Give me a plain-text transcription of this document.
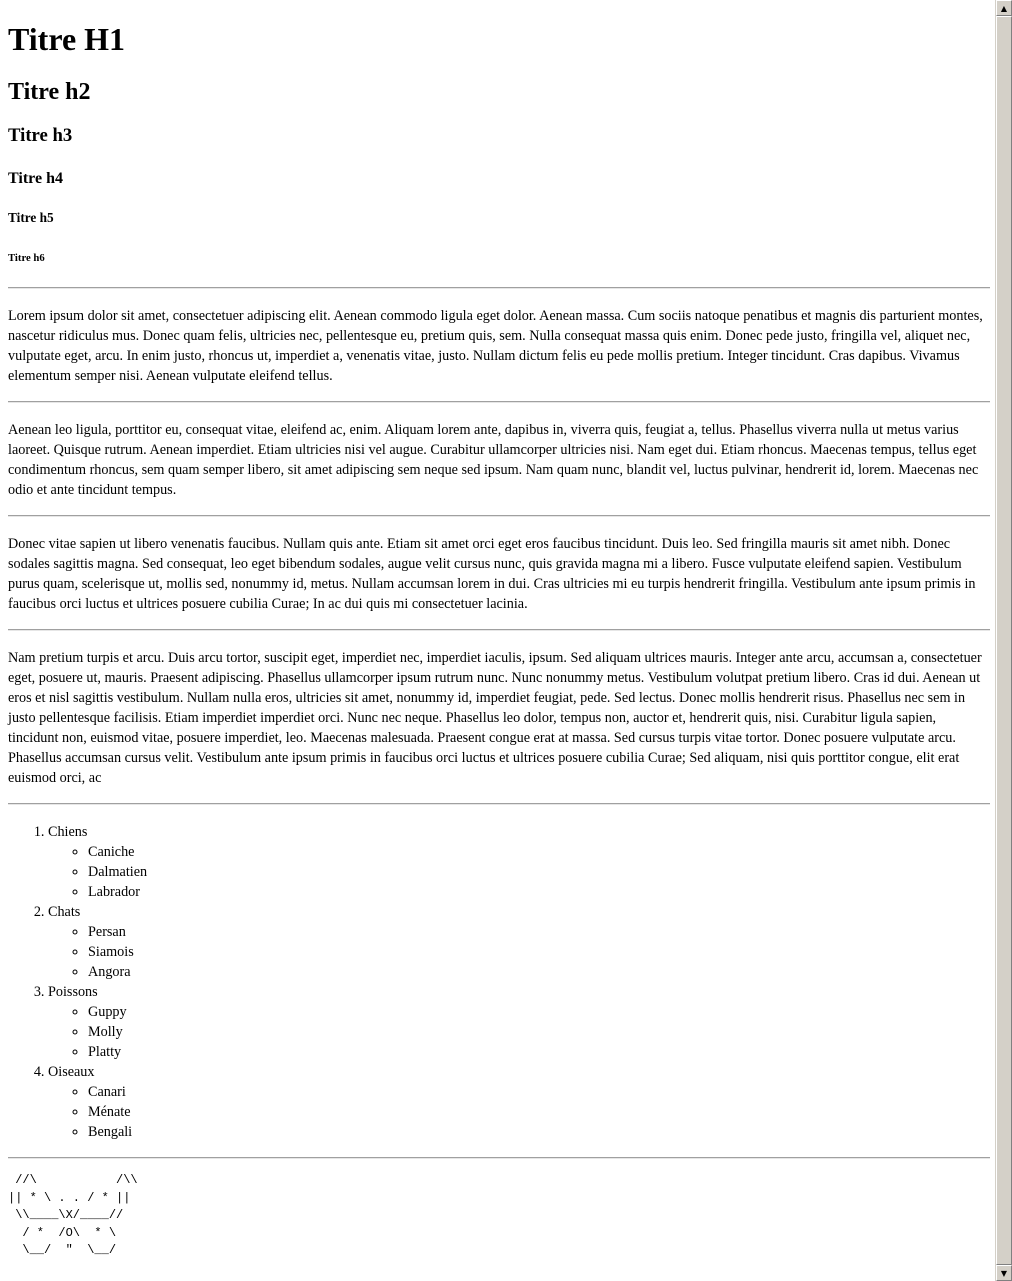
Titre H1
Titre h2
Titre h3
Titre h4
Titre h5
Titre h6

Lorem ipsum dolor sit amet, consectetuer adipiscing elit. Aenean commodo ligula eget dolor. Aenean massa. Cum sociis natoque penatibus et magnis dis parturient montes, nascetur ridiculus mus. Donec quam felis, ultricies nec, pellentesque eu, pretium quis, sem. Nulla consequat massa quis enim. Donec pede justo, fringilla vel, aliquet nec, vulputate eget, arcu. In enim justo, rhoncus ut, imperdiet a, venenatis vitae, justo. Nullam dictum felis eu pede mollis pretium. Integer tincidunt. Cras dapibus. Vivamus elementum semper nisi. Aenean vulputate eleifend tellus.

Aenean leo ligula, porttitor eu, consequat vitae, eleifend ac, enim. Aliquam lorem ante, dapibus in, viverra quis, feugiat a, tellus. Phasellus viverra nulla ut metus varius laoreet. Quisque rutrum. Aenean imperdiet. Etiam ultricies nisi vel augue. Curabitur ullamcorper ultricies nisi. Nam eget dui. Etiam rhoncus. Maecenas tempus, tellus eget condimentum rhoncus, sem quam semper libero, sit amet adipiscing sem neque sed ipsum. Nam quam nunc, blandit vel, luctus pulvinar, hendrerit id, lorem. Maecenas nec odio et ante tincidunt tempus.

Donec vitae sapien ut libero venenatis faucibus. Nullam quis ante. Etiam sit amet orci eget eros faucibus tincidunt. Duis leo. Sed fringilla mauris sit amet nibh. Donec sodales sagittis magna. Sed consequat, leo eget bibendum sodales, augue velit cursus nunc, quis gravida magna mi a libero. Fusce vulputate eleifend sapien. Vestibulum purus quam, scelerisque ut, mollis sed, nonummy id, metus. Nullam accumsan lorem in dui. Cras ultricies mi eu turpis hendrerit fringilla. Vestibulum ante ipsum primis in faucibus orci luctus et ultrices posuere cubilia Curae; In ac dui quis mi consectetuer lacinia.

Nam pretium turpis et arcu. Duis arcu tortor, suscipit eget, imperdiet nec, imperdiet iaculis, ipsum. Sed aliquam ultrices mauris. Integer ante arcu, accumsan a, consectetuer eget, posuere ut, mauris. Praesent adipiscing. Phasellus ullamcorper ipsum rutrum nunc. Nunc nonummy metus. Vestibulum volutpat pretium libero. Cras id dui. Aenean ut eros et nisl sagittis vestibulum. Nullam nulla eros, ultricies sit amet, nonummy id, imperdiet feugiat, pede. Sed lectus. Donec mollis hendrerit risus. Phasellus nec sem in justo pellentesque facilisis. Etiam imperdiet imperdiet orci. Nunc nec neque. Phasellus leo dolor, tempus non, auctor et, hendrerit quis, nisi. Curabitur ligula sapien, tincidunt non, euismod vitae, posuere imperdiet, leo. Maecenas malesuada. Praesent congue erat at massa. Sed cursus turpis vitae tortor. Donec posuere vulputate arcu. Phasellus accumsan cursus velit. Vestibulum ante ipsum primis in faucibus orci luctus et ultrices posuere cubilia Curae; Sed aliquam, nisi quis porttitor congue, elit erat euismod orci, ac

1. Chiens
◦ Caniche
◦ Dalmatien
◦ Labrador
2. Chats
◦ Persan
◦ Siamois
◦ Angora
3. Poissons
◦ Guppy
◦ Molly
◦ Platty
4. Oiseaux
◦ Canari
◦ Ménate
◦ Bengali
//\           /\\
|| * \ . . / * ||
\\____\X/____//
/ *  /O\  * \
\__/  "  \__/
▲
▼
